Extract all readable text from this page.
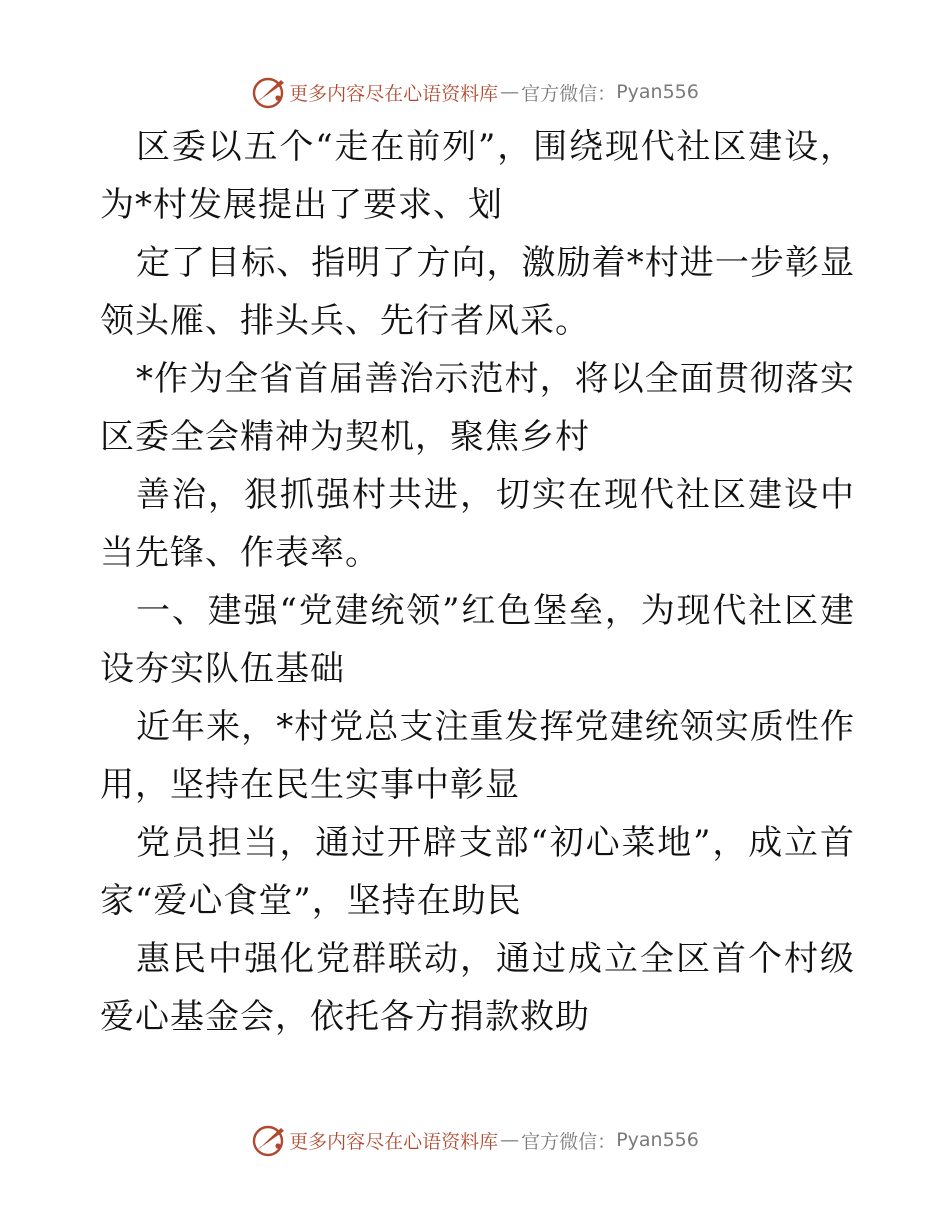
更多内容尽在心语资料库 — 官方微信： Pyan556

区委以五个“走在前列”，围绕现代社区建设，为*村发展提出了要求、划

定了目标、指明了方向，激励着*村进一步彰显领头雁、排头兵、先行者风采。

*作为全省首届善治示范村，将以全面贯彻落实区委全会精神为契机，聚焦乡村

善治，狠抓强村共进，切实在现代社区建设中当先锋、作表率。

一、建强“党建统领”红色堡垒，为现代社区建设夯实队伍基础

近年来，*村党总支注重发挥党建统领实质性作用，坚持在民生实事中彰显

党员担当，通过开辟支部“初心菜地”，成立首家“爱心食堂”，坚持在助民

惠民中强化党群联动，通过成立全区首个村级爱心基金会，依托各方捐款救助

更多内容尽在心语资料库 — 官方微信： Pyan556
